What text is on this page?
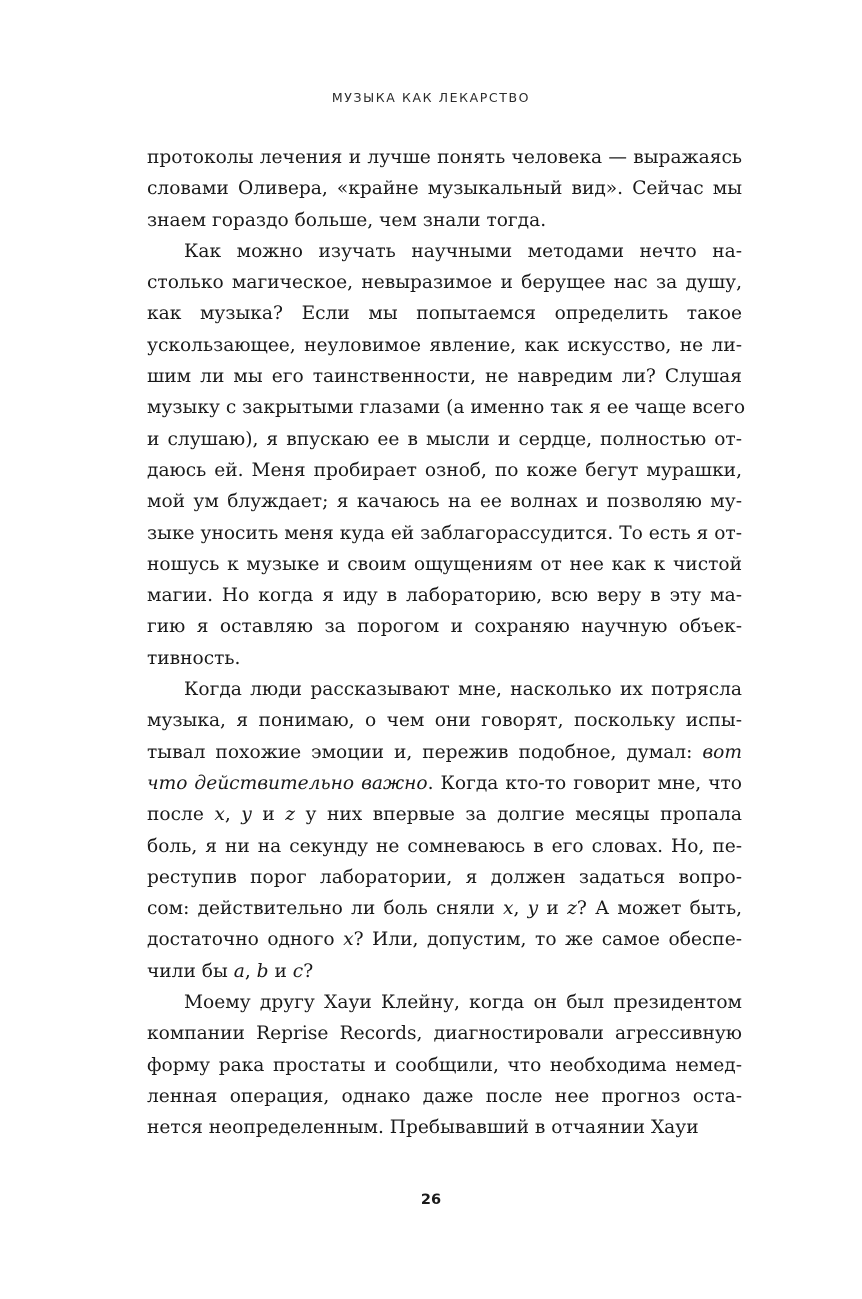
МУЗЫКА КАК ЛЕКАРСТВО
протоколы лечения и лучше понять человека — выражаясь
словами Оливера, «крайне музыкальный вид». Сейчас мы
знаем гораздо больше, чем знали тогда.
Как можно изучать научными методами нечто на-
столько магическое, невыразимое и берущее нас за душу,
как музыка? Если мы попытаемся определить такое
ускользающее, неуловимое явление, как искусство, не ли-
шим ли мы его таинственности, не навредим ли? Слушая
музыку с закрытыми глазами (а именно так я ее чаще всего
и слушаю), я впускаю ее в мысли и сердце, полностью от-
даюсь ей. Меня пробирает озноб, по коже бегут мурашки,
мой ум блуждает; я качаюсь на ее волнах и позволяю му-
зыке уносить меня куда ей заблагорассудится. То есть я от-
ношусь к музыке и своим ощущениям от нее как к чистой
магии. Но когда я иду в лабораторию, всю веру в эту ма-
гию я оставляю за порогом и сохраняю научную объек-
тивность.
Когда люди рассказывают мне, насколько их потрясла
музыка, я понимаю, о чем они говорят, поскольку испы-
тывал похожие эмоции и, пережив подобное, думал: вот
что действительно важно. Когда кто-то говорит мне, что
после x, y и z у них впервые за долгие месяцы пропала
боль, я ни на секунду не сомневаюсь в его словах. Но, пе-
реступив порог лаборатории, я должен задаться вопро-
сом: действительно ли боль сняли x, y и z? А может быть,
достаточно одного x? Или, допустим, то же самое обеспе-
чили бы a, b и c?
Моему другу Хауи Клейну, когда он был президентом
компании Reprise Records, диагностировали агрессивную
форму рака простаты и сообщили, что необходима немед-
ленная операция, однако даже после нее прогноз оста-
нется неопределенным. Пребывавший в отчаянии Хауи
26
